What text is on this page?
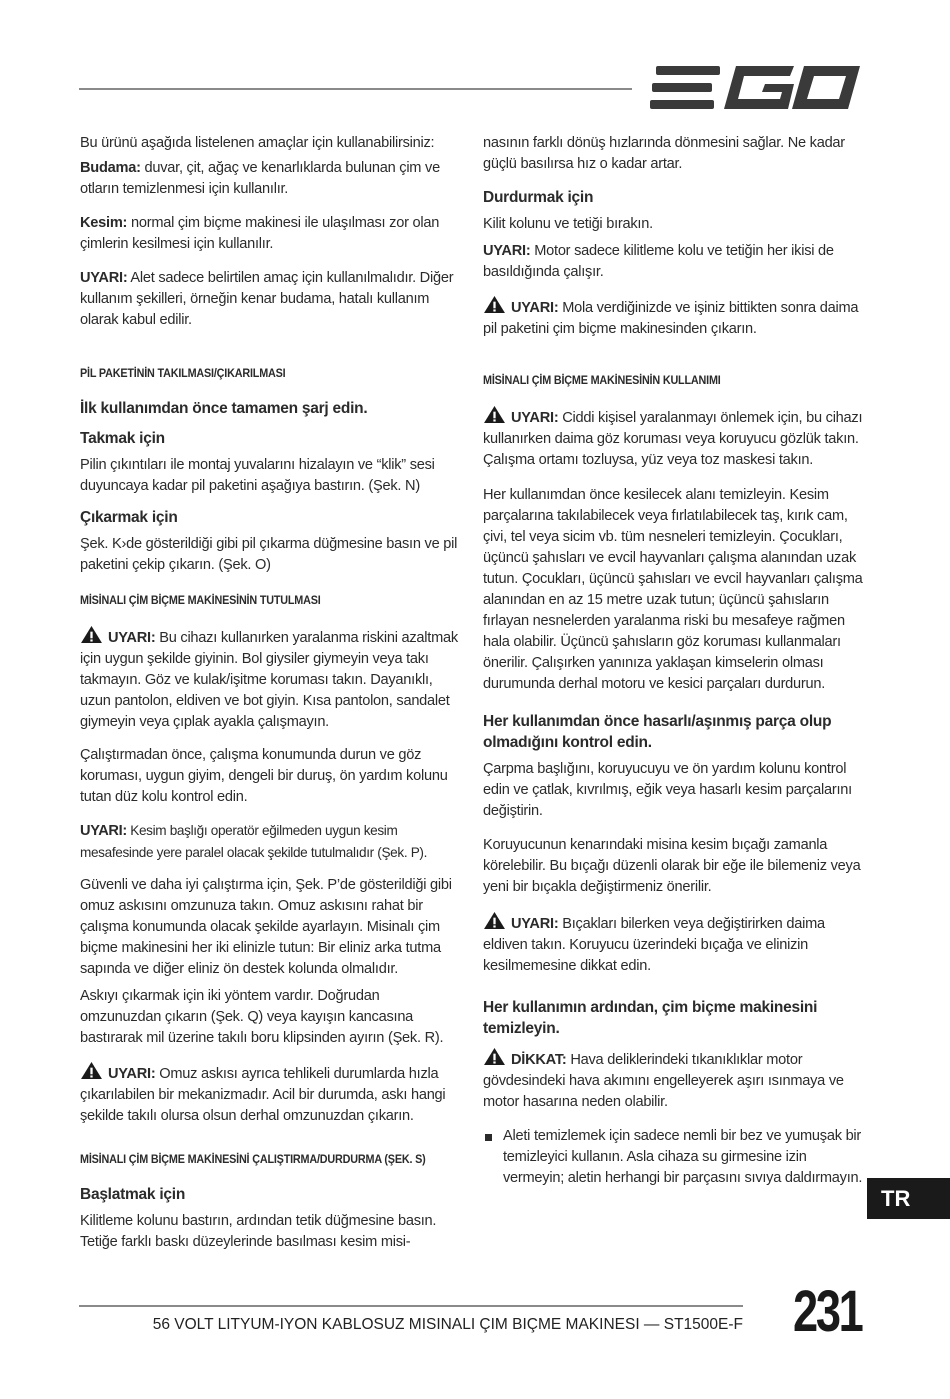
Bu ürünü aşağıda listelenen amaçlar için kullanabilirsiniz:

Budama: duvar, çit, ağaç ve kenarlıklarda bulunan çim ve otların temizlenmesi için kullanılır.

Kesim: normal çim biçme makinesi ile ulaşılması zor olan çimlerin kesilmesi için kullanılır.

UYARI: Alet sadece belirtilen amaç için kullanılmalıdır. Diğer kullanım şekilleri, örneğin kenar budama, hatalı kullanım olarak kabul edilir.

PİL PAKETİNİN TAKILMASI/ÇIKARILMASI

İlk kullanımdan önce tamamen şarj edin.

Takmak için

Pilin çıkıntıları ile montaj yuvalarını hizalayın ve “klik” sesi duyuncaya kadar pil paketini aşağıya bastırın. (Şek. N)

Çıkarmak için

Şek. K›de gösterildiği gibi pil çıkarma düğmesine basın ve pil paketini çekip çıkarın. (Şek. O)

MİSİNALI ÇİM BİÇME MAKİNESİNİN TUTULMASI

UYARI: Bu cihazı kullanırken yaralanma riskini azaltmak için uygun şekilde giyinin. Bol giysiler giymeyin veya takı takmayın. Göz ve kulak/işitme koruması takın. Dayanıklı, uzun pantolon, eldiven ve bot giyin. Kısa pantolon, sandalet giymeyin veya çıplak ayakla çalışmayın.

Çalıştırmadan önce, çalışma konumunda durun ve göz koruması, uygun giyim, dengeli bir duruş, ön yardım kolunu tutan düz kolu kontrol edin.

UYARI: Kesim başlığı operatör eğilmeden uygun kesim mesafesinde yere paralel olacak şekilde tutulmalıdır (Şek. P).

Güvenli ve daha iyi çalıştırma için, Şek. P’de gösterildiği gibi omuz askısını omzunuza takın. Omuz askısını rahat bir çalışma konumunda olacak şekilde ayarlayın. Misinalı çim biçme makinesini her iki elinizle tutun: Bir eliniz arka tutma sapında ve diğer eliniz ön destek kolunda olmalıdır.

Askıyı çıkarmak için iki yöntem vardır. Doğrudan omzunuzdan çıkarın (Şek. Q) veya kayışın kancasına bastırarak mil üzerine takılı boru klipsinden ayırın (Şek. R).

UYARI: Omuz askısı ayrıca tehlikeli durumlarda hızla çıkarılabilen bir mekanizmadır. Acil bir durumda, askı hangi şekilde takılı olursa olsun derhal omzunuzdan çıkarın.

MİSİNALI ÇİM BİÇME MAKİNESİNİ ÇALIŞTIRMA/DURDURMA (ŞEK. S)

Başlatmak için

Kilitleme kolunu bastırın, ardından tetik düğmesine basın. Tetiğe farklı baskı düzeylerinde basılması kesim misi-

nasının farklı dönüş hızlarında dönmesini sağlar. Ne kadar güçlü basılırsa hız o kadar artar.

Durdurmak için

Kilit kolunu ve tetiği bırakın.

UYARI: Motor sadece kilitleme kolu ve tetiğin her ikisi de basıldığında çalışır.

UYARI: Mola verdiğinizde ve işiniz bittikten sonra daima pil paketini çim biçme makinesinden çıkarın.

MİSİNALI ÇİM BİÇME MAKİNESİNİN KULLANIMI

UYARI: Ciddi kişisel yaralanmayı önlemek için, bu cihazı kullanırken daima göz koruması veya koruyucu gözlük takın. Çalışma ortamı tozluysa, yüz veya toz maskesi takın.

Her kullanımdan önce kesilecek alanı temizleyin. Kesim parçalarına takılabilecek veya fırlatılabilecek taş, kırık cam, çivi, tel veya sicim vb. tüm nesneleri temizleyin. Çocukları, üçüncü şahısları ve evcil hayvanları çalışma alanından uzak tutun. Çocukları, üçüncü şahısları ve evcil hayvanları çalışma alanından en az 15 metre uzak tutun; üçüncü şahısların fırlayan nesnelerden yaralanma riski bu mesafeye rağmen hala olabilir. Üçüncü şahısların göz koruması kullanmaları önerilir. Çalışırken yanınıza yaklaşan kimselerin olması durumunda derhal motoru ve kesici parçaları durdurun.

Her kullanımdan önce hasarlı/aşınmış parça olup olmadığını kontrol edin.

Çarpma başlığını, koruyucuyu ve ön yardım kolunu kontrol edin ve çatlak, kıvrılmış, eğik veya hasarlı kesim parçalarını değiştirin.

Koruyucunun kenarındaki misina kesim bıçağı zamanla körelebilir. Bu bıçağı düzenli olarak bir eğe ile bilemeniz veya yeni bir bıçakla değiştirmeniz önerilir.

UYARI: Bıçakları bilerken veya değiştirirken daima eldiven takın. Koruyucu üzerindeki bıçağa ve elinizin kesilmemesine dikkat edin.

Her kullanımın ardından, çim biçme makinesini temizleyin.

DİKKAT: Hava deliklerindeki tıkanıklıklar motor gövdesindeki hava akımını engelleyerek aşırı ısınmaya ve motor hasarına neden olabilir.

Aleti temizlemek için sadece nemli bir bez ve yumuşak bir temizleyici kullanın. Asla cihaza su girmesine izin vermeyin; aletin herhangi bir parçasını sıvıya daldırmayın.
TR
56 VOLT LITYUM-IYON KABLOSUZ MISINALI ÇIM BIÇME MAKINESI — ST1500E-F 231
